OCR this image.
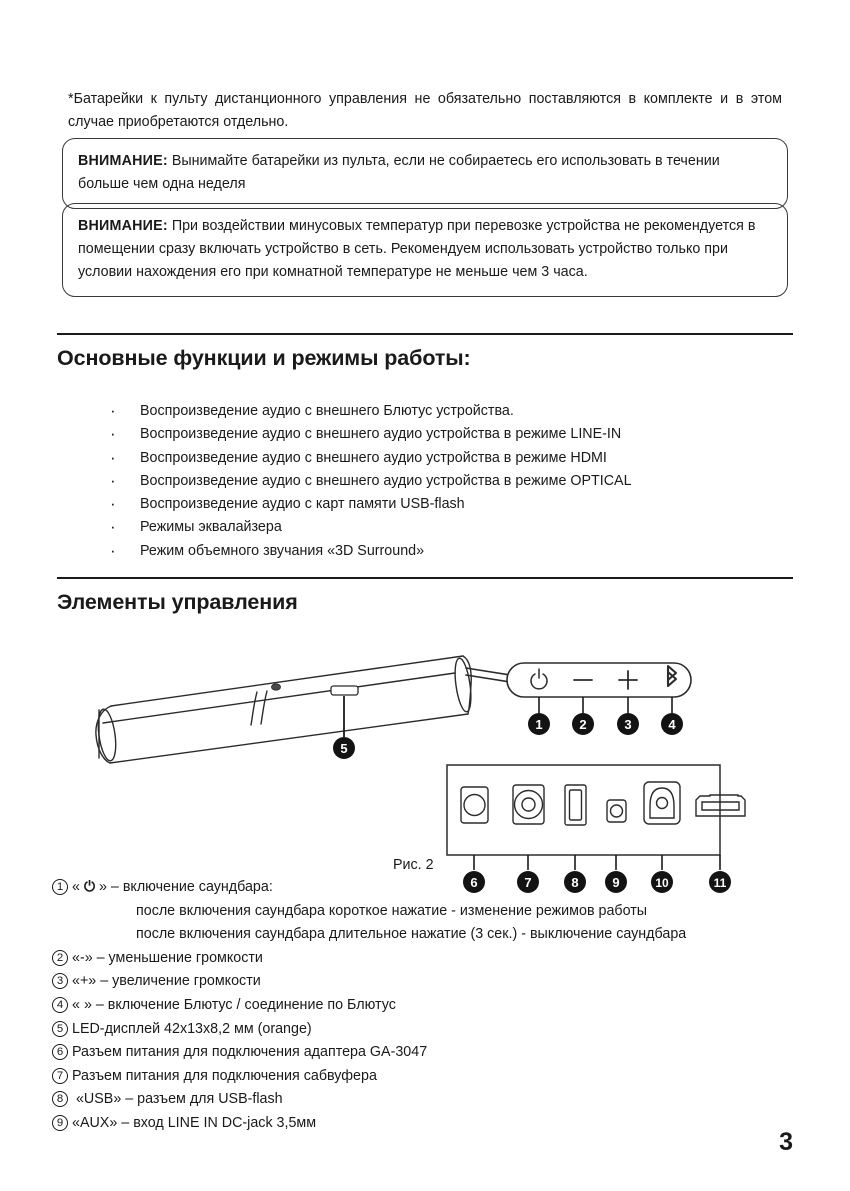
*Батарейки к пульту дистанционного управления не обязательно поставляются в комплекте и в этом случае приобретаются отдельно.

ВНИМАНИЕ: Вынимайте батарейки из пульта, если не собираетесь его использовать в течении больше чем одна неделя
ВНИМАНИЕ: При воздействии минусовых температур при перевозке устройства не рекомендуется в помещении сразу включать устройство в сеть. Рекомендуем использовать устройство только при условии нахождения его при комнатной температуре не меньше чем 3 часа.
Основные функции и режимы работы:
· Воспроизведение аудио с внешнего Блютус устройства.
· Воспроизведение аудио с внешнего аудио устройства в режиме LINE-IN
· Воспроизведение аудио с внешнего аудио устройства в режиме HDMI
· Воспроизведение аудио с внешнего аудио устройства в режиме OPTICAL
· Воспроизведение аудио с карт памяти USB-flash
· Режимы эквалайзера
· Режим объемного звучания «3D Surround»
Элементы управления
1	2	3	4
5
6	7	8	9	10	11
Рис. 2
1 « ⏻ » – включение саундбара:
после включения саундбара короткое нажатие - изменение режимов работы
после включения саундбара длительное нажатие (3 сек.) - выключение саундбара
2 «-» – уменьшение громкости
3 «+» – увеличение громкости
4 « » – включение Блютус / соединение по Блютус
5 LED-дисплей 42x13x8,2 мм (orange)
6 Разъем питания для подключения адаптера GA-3047
7 Разъем питания для подключения сабвуфера
8 «USB» – разъем для USB-flash
9 «AUX» – вход LINE IN DC-jack 3,5мм
3
